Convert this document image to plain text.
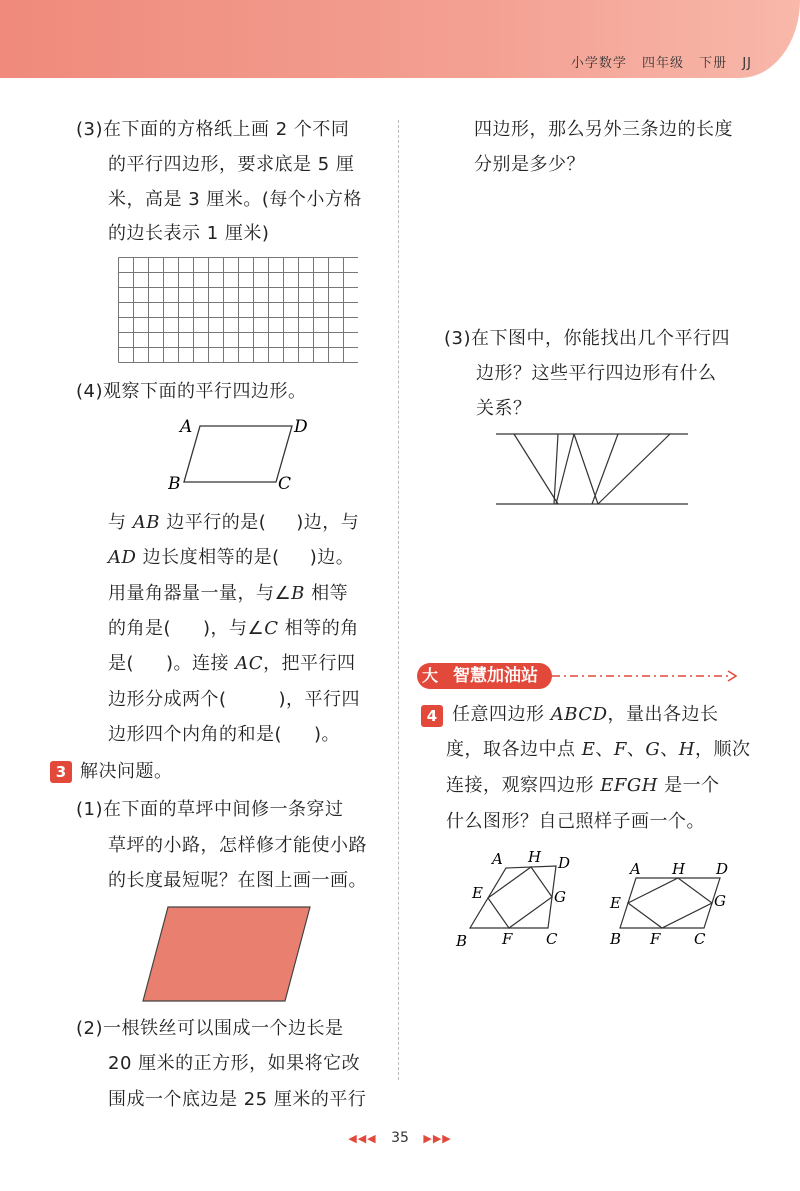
小学数学 四年级 下册 JJ
(3)在下面的方格纸上画 2 个不同
的平行四边形，要求底是 5 厘
米，高是 3 厘米。(每个小方格
的边长表示 1 厘米)
(4)观察下面的平行四边形。
A	D
B	C
与 AB 边平行的是( )边，与
AD 边长度相等的是( )边。
用量角器量一量，与∠B 相等
的角是( )，与∠C 相等的角
是( )。连接 AC，把平行四
边形分成两个(	)，平行四
边形四个内角的和是( )。
3 解决问题。
(1)在下面的草坪中间修一条穿过
草坪的小路，怎样修才能使小路
的长度最短呢？在图上画一画。
(2)一根铁丝可以围成一个边长是
20 厘米的正方形，如果将它改
围成一个底边是 25 厘米的平行
四边形，那么另外三条边的长度
分别是多少？
(3)在下图中，你能找出几个平行四
边形？这些平行四边形有什么
关系？
大 智慧加油站
4 任意四边形 ABCD，量出各边长
度，取各边中点 E、F、G、H，顺次
连接，观察四边形 EFGH 是一个
什么图形？自己照样子画一个。
A H D
E	G
B F C
A H D
E	G
B F C
◀◀◀ 35 ▶▶▶
